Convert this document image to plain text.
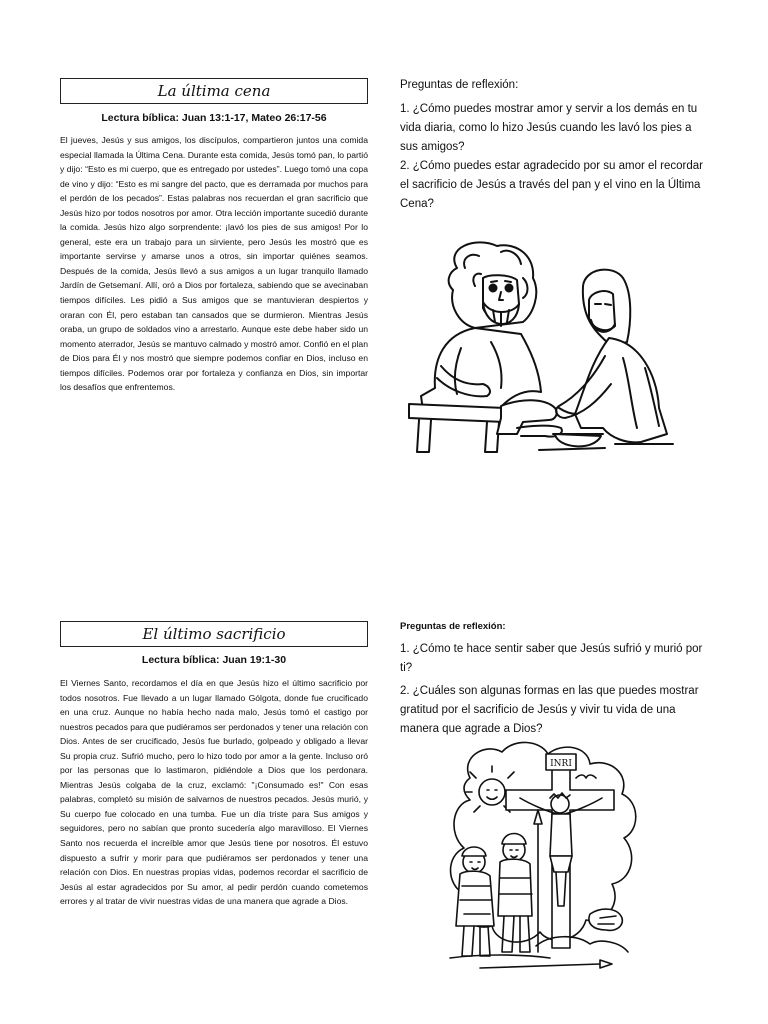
La última cena
Lectura bíblica: Juan 13:1-17, Mateo 26:17-56

El jueves, Jesús y sus amigos, los discípulos, compartieron juntos una comida especial llamada la Última Cena. Durante esta comida, Jesús tomó pan, lo partió y dijo: “Esto es mi cuerpo, que es entregado por ustedes”. Luego tomó una copa de vino y dijo: “Esto es mi sangre del pacto, que es derramada por muchos para el perdón de los pecados”. Estas palabras nos recuerdan el gran sacrificio que Jesús hizo por todos nosotros por amor. Otra lección importante sucedió durante la comida. Jesús hizo algo sorprendente: ¡lavó los pies de sus amigos! Por lo general, este era un trabajo para un sirviente, pero Jesús les mostró que es importante servirse y amarse unos a otros, sin importar quiénes seamos. Después de la comida, Jesús llevó a sus amigos a un lugar tranquilo llamado Jardín de Getsemaní. Allí, oró a Dios por fortaleza, sabiendo que se avecinaban tiempos difíciles. Les pidió a Sus amigos que se mantuvieran despiertos y oraran con Él, pero estaban tan cansados que se durmieron. Mientras Jesús oraba, un grupo de soldados vino a arrestarlo. Aunque este debe haber sido un momento aterrador, Jesús se mantuvo calmado y mostró amor. Confió en el plan de Dios para Él y nos mostró que siempre podemos confiar en Dios, incluso en tiempos difíciles. Podemos orar por fortaleza y confianza en Dios, sin importar los desafíos que enfrentemos.

Preguntas de reflexión:

1. ¿Cómo puedes mostrar amor y servir a los demás en tu vida diaria, como lo hizo Jesús cuando les lavó los pies a sus amigos?

2. ¿Cómo puedes estar agradecido por su amor el recordar el sacrificio de Jesús a través del pan y el vino en la Última Cena?

El último sacrificio
Lectura bíblica: Juan 19:1-30

El Viernes Santo, recordamos el día en que Jesús hizo el último sacrificio por todos nosotros. Fue llevado a un lugar llamado Gólgota, donde fue crucificado en una cruz. Aunque no había hecho nada malo, Jesús tomó el castigo por nuestros pecados para que pudiéramos ser perdonados y tener una relación con Dios. Antes de ser crucificado, Jesús fue burlado, golpeado y obligado a llevar Su propia cruz. Sufrió mucho, pero lo hizo todo por amor a la gente. Incluso oró por las personas que lo lastimaron, pidiéndole a Dios que los perdonara. Mientras Jesús colgaba de la cruz, exclamó: "¡Consumado es!" Con esas palabras, completó su misión de salvarnos de nuestros pecados. Jesús murió, y Su cuerpo fue colocado en una tumba. Fue un día triste para Sus amigos y seguidores, pero no sabían que pronto sucedería algo maravilloso. El Viernes Santo nos recuerda el increíble amor que Jesús tiene por nosotros. Él estuvo dispuesto a sufrir y morir para que pudiéramos ser perdonados y tener una relación con Dios. En nuestras propias vidas, podemos recordar el sacrificio de Jesús al estar agradecidos por Su amor, al pedir perdón cuando cometemos errores y al tratar de vivir nuestras vidas de una manera que agrade a Dios.

Preguntas de reflexión:

1. ¿Cómo te hace sentir saber que Jesús sufrió y murió por ti?

2. ¿Cuáles son algunas formas en las que puedes mostrar gratitud por el sacrificio de Jesús y vivir tu vida de una manera que agrade a Dios?

INRI
